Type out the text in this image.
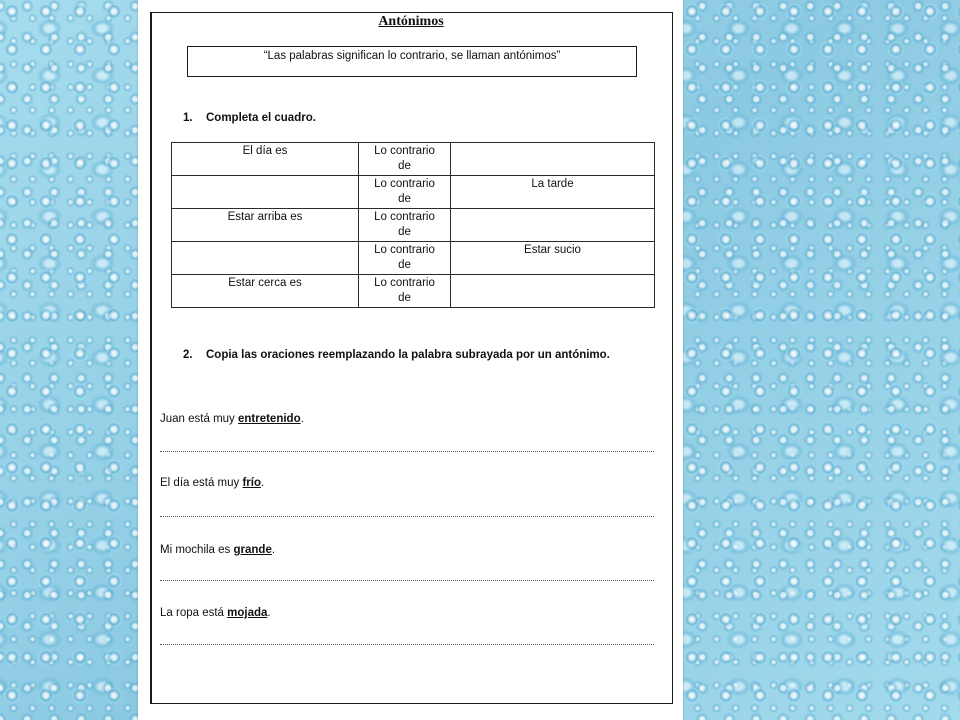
Antónimos
“Las palabras significan lo contrario, se llaman antónimos”
1. Completa el cuadro.
El día es	Lo contrario de	
	Lo contrario de	La tarde
Estar arriba es	Lo contrario de	
	Lo contrario de	Estar sucio
Estar cerca es	Lo contrario de	
2. Copia las oraciones reemplazando la palabra subrayada por un antónimo.
Juan está muy entretenido.
El día está muy frío.
Mi mochila es grande.
La ropa está mojada.
